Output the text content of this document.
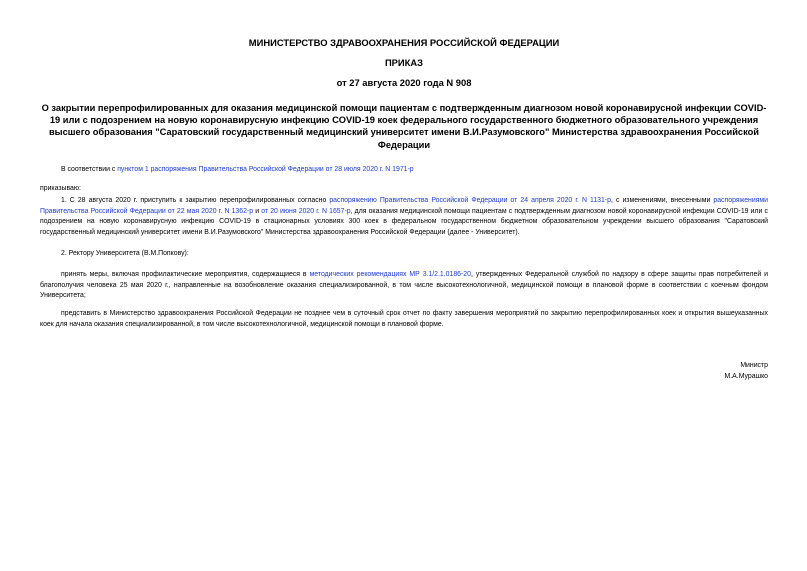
МИНИСТЕРСТВО ЗДРАВООХРАНЕНИЯ РОССИЙСКОЙ ФЕДЕРАЦИИ
ПРИКАЗ
от 27 августа 2020 года N 908
О закрытии перепрофилированных для оказания медицинской помощи пациентам с подтвержденным диагнозом новой коронавирусной инфекции COVID-19 или с подозрением на новую коронавирусную инфекцию COVID-19 коек федерального государственного бюджетного образовательного учреждения высшего образования "Саратовский государственный медицинский университет имени В.И.Разумовского" Министерства здравоохранения Российской Федерации
В соответствии с пунктом 1 распоряжения Правительства Российской Федерации от 28 июля 2020 г. N 1971-р
приказываю:
1. С 28 августа 2020 г. приступить к закрытию перепрофилированных согласно распоряжению Правительства Российской Федерации от 24 апреля 2020 г. N 1131-р, с изменениями, внесенными распоряжениями Правительства Российской Федерации от 22 мая 2020 г. N 1362-р и от 20 июня 2020 г. N 1657-р, для оказания медицинской помощи пациентам с подтвержденным диагнозом новой коронавирусной инфекции COVID-19 или с подозрением на новую коронавирусную инфекцию COVID-19 в стационарных условиях 300 коек в федеральном государственном бюджетном образовательном учреждении высшего образования "Саратовский государственный медицинский университет имени В.И.Разумовского" Министерства здравоохранения Российской Федерации (далее - Университет).
2. Ректору Университета (В.М.Попкову):
принять меры, включая профилактические мероприятия, содержащиеся в методических рекомендациях МР 3.1/2.1.0186-20, утвержденных Федеральной службой по надзору в сфере защиты прав потребителей и благополучия человека 25 мая 2020 г., направленные на возобновление оказания специализированной, в том числе высокотехнологичной, медицинской помощи в плановой форме в соответствии с коечным фондом Университета;
представить в Министерство здравоохранения Российской Федерации не позднее чем в суточный срок отчет по факту завершения мероприятий по закрытию перепрофилированных коек и открытия вышеуказанных коек для начала оказания специализированной, в том числе высокотехнологичной, медицинской помощи в плановой форме.
Министр
М.А.Мурашко
